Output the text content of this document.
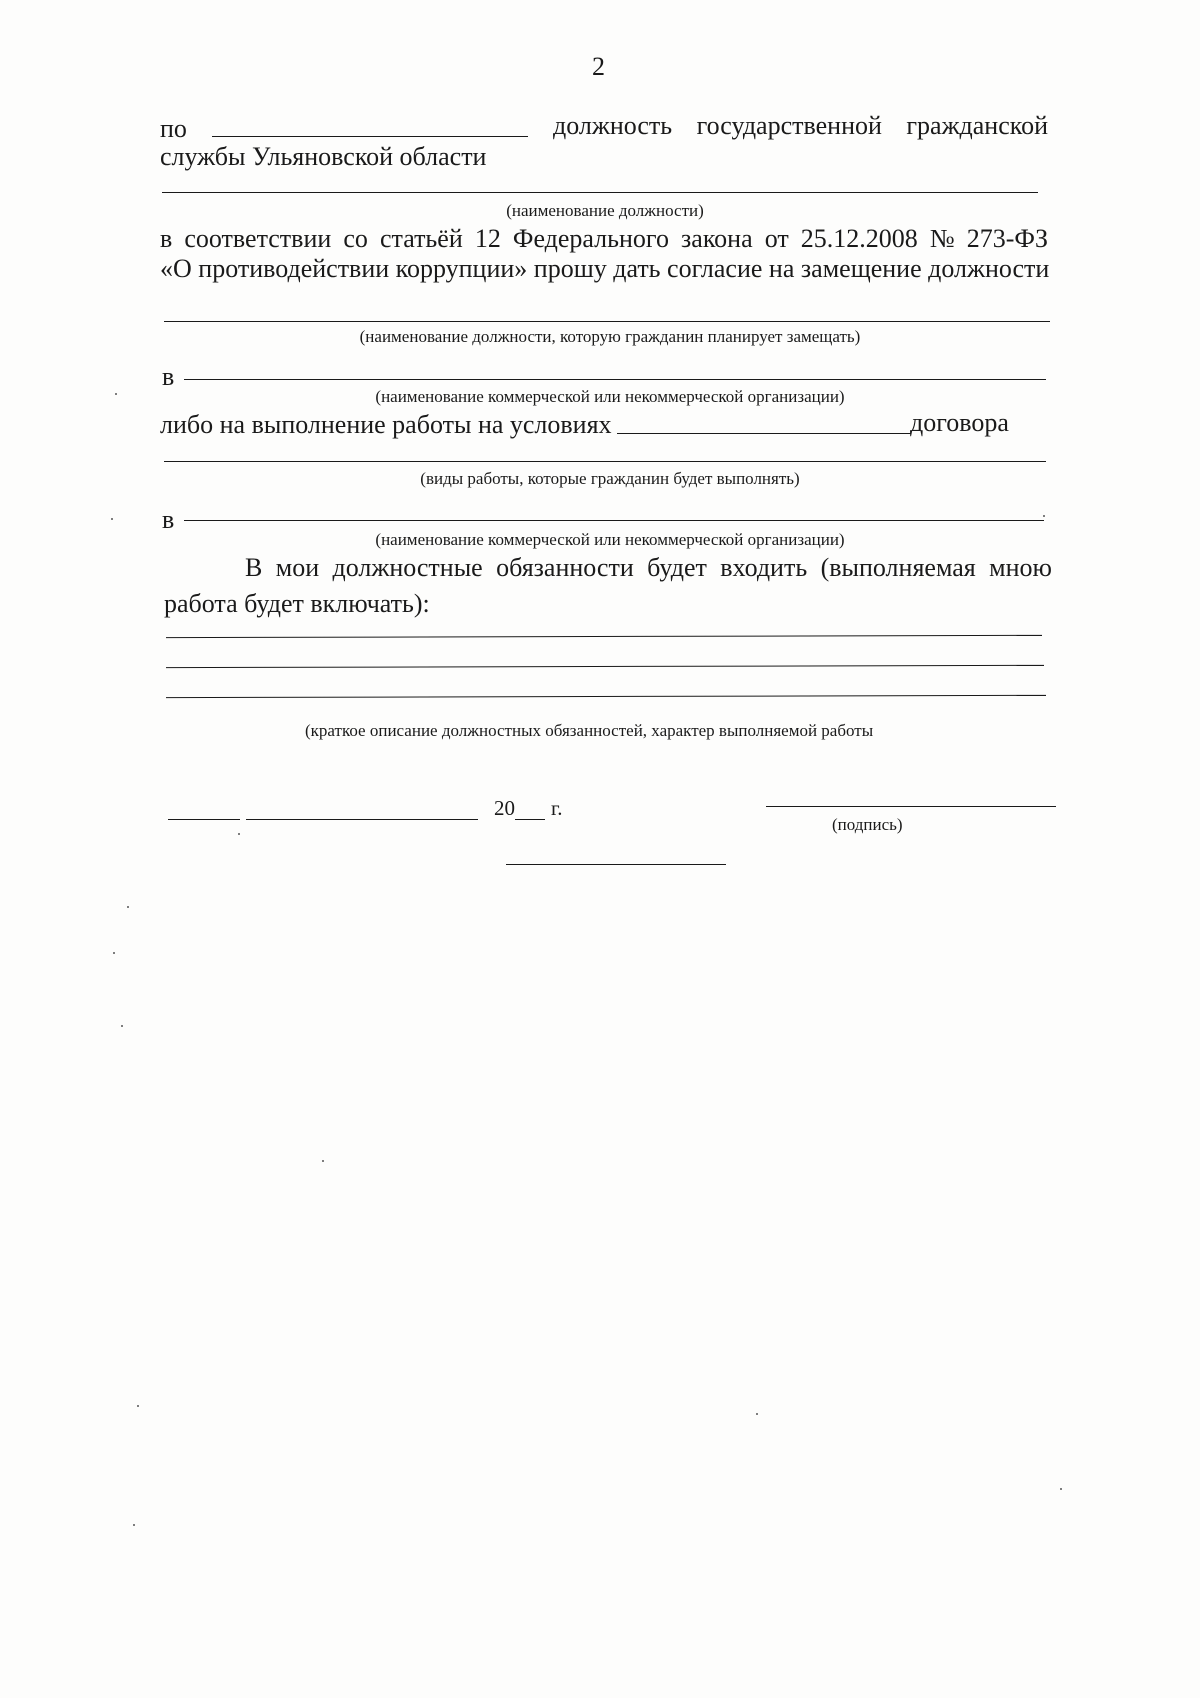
2
по	должность государственной гражданской
службы Ульяновской области
(наименование должности)
в соответствии со статьёй 12 Федерального закона от 25.12.2008 № 273-ФЗ
«О противодействии коррупции» прошу дать согласие на замещение должности
(наименование должности, которую гражданин планирует замещать)
в
(наименование коммерческой или некоммерческой организации)
либо на выполнение работы на условиях	договора
(виды работы, которые гражданин будет выполнять)
в
(наименование коммерческой или некоммерческой организации)
В мои должностные обязанности будет входить (выполняемая мною
работа будет включать):
(краткое описание должностных обязанностей, характер выполняемой работы
20 г.
(подпись)
